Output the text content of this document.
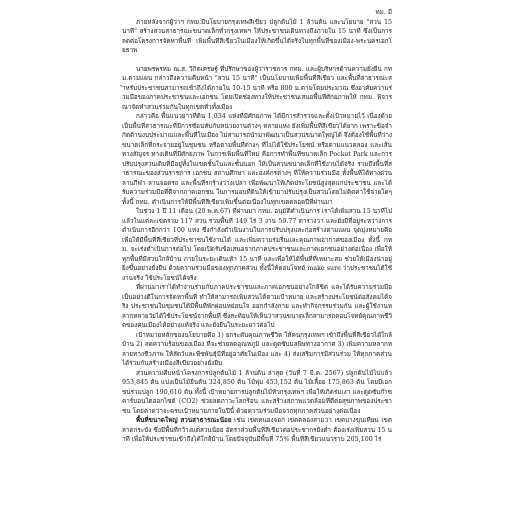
ทม. มี

ภายหลังจากผู้ว่าฯ กทม.มีนโยบายกรุงเทพสีเขียว ปลูกต้นไม้ 1 ล้านต้น และนโยบาย "สวน 15 นาที" สร้างสวนสาธารณะขนาดเล็กทั่วกรุงเทพฯ ให้ประชาชนเดินทางถึงภายใน 15 นาที ซึ่งเป็นการลดต่อโครงการจัดหาพื้นที่ เพิ่มพื้นที่สีเขียวในเมืองให้เกิดขึ้นได้จริงในทุกพื้นที่ของเมือง-พระนครเอกโยธาพ

นายพรพรหม ณ.ส. วิกิตเศรษฐ์ ที่ปรึกษาของผู้ว่าราชการ กทม. และผู้บริหารด้านความยั่งยืน กทม.ตามแผน กล่าวถึงความคืบหน้า "สวน 15 นาที" เป็นนโยบายเพิ่มพื้นที่สีเขียว และพื้นที่สาธารณะสำหรับประชาชนสามารถเข้าถึงได้ภายใน 10-15 นาที หรือ 800 ม.ตามโดยประมาณ ซึ่งอาศัยความร่วมมือของภาคประชาชนและเอกชน โดยเปิดช่องทางให้ประชาชนเสนอพื้นที่ศักยภาพให้ กทม. พิจารณาจัดทำสวนร่วมกันในทุกเขตทั่วทั้งเมือง

กล่าวคือ พื้นแนวยาวที่ดิน 1,034 แห่งที่มีศักยภาพ ได้มีการสำรวจและตั้งเป้าหมายไว้ เนื่องด้วยเป็นพื้นที่สาธารณะที่มีการซ้อนทับกับหน่วยงานต่างๆ หลายแห่ง ยังเพิ่มพื้นที่สีเขียวได้ยาก เพราะข้อจำกัดด้านงบประมาณและพื้นที่ในเมือง ไม่สามารถนำมาพัฒนาเป็นสวนขนาดใหญ่ได้ จึงต้องใช้พื้นที่ว่างขนาดเล็กที่กระจายอยู่ในชุมชน หรือตามพื้นที่ต่างๆ ที่ไม่ได้ใช้ประโยชน์ หรือตามแนวคลอง และเส้นทางสัญจร ทางเดินที่มีศักยภาพ ในการเพิ่มพื้นที่ใหม่ คือการทำพื้นที่ขนาดเล็ก Pocket Park และการปรับปรุงสวนเดิมที่มีอยู่ทั้งในเขตชั้นในและชั้นนอก ให้เป็นสวนขนาดเล็กที่ใช้งานได้จริง รวมถึงพื้นที่สาธารณะของส่วนราชการ เอกชน สถานศึกษา และองค์กรต่างๆ ที่ให้ความร่วมมือ ทั้งพื้นที่ใต้ทางด่วน ลานกีฬา ลานจอดรถ และพื้นที่รกร้างว่างเปล่า เพื่อพัฒนาให้เกิดประโยชน์สูงสุดแก่ประชาชน และได้รับความร่วมมือที่ดีจากภาคเอกชน ในการมอบที่ดินให้เข้ามาปรับปรุงเป็นสวนโดยไม่คิดค่าใช้จ่ายใดๆ ทั้งนี้ กทม. ดำเนินการให้มีพื้นที่สีเขียวเพิ่มขึ้นต่อเนื่องในทุกเขตตลอดปีที่ผ่านมา

ในช่วง 1 ปี 11 เดือน (20 พ.ค.67) ที่ผ่านมา กทม. อนุมัติดำเนินการ เราได้เพิ่มสวน 15 นาทีไปแล้วในแต่ละเขตรวม 117 สวน รวมพื้นที่ 149 ไร่ 3 งาน 59.77 ตารางวา และยังมีที่อยู่ระหว่างการดำเนินการอีกกว่า 100 แห่ง ซึ่งกำลังดำเนินงานในการปรับปรุงและก่อสร้างตามแผน จุดมุ่งหมายคือ เพื่อให้มีพื้นที่สีเขียวที่ประชาชนใช้งานได้ และเพิ่มความร่มรื่นและคุณภาพอากาศของเมือง ทั้งนี้ กทม. จะเร่งดำเนินการต่อไป โดยเปิดรับข้อเสนอจากภาคประชาชนและภาคเอกชนอย่างต่อเนื่อง เพื่อให้ทุกพื้นที่มีสวนใกล้บ้าน ภายในระยะเดินเท้า 15 นาที และเพื่อให้ได้พื้นที่ที่เหมาะสม ช่วยให้เมืองน่าอยู่ยิ่งขึ้นอย่างยั่งยืน ด้วยความร่วมมือของทุกภาคส่วน ทั้งนี้ให้ตอบโจทย์ make sure ว่าประชาชนได้ใช้งานจริง ใช้ประโยชน์ได้จริง

ที่ผ่านมาเราได้ทำงานร่วมกับภาคประชาชนและภาคเอกชนอย่างใกล้ชิด และได้รับความร่วมมือเป็นอย่างดีในการจัดหาพื้นที่ ทำให้สามารถเพิ่มสวนได้ตามเป้าหมาย และสร้างประโยชน์ต่อสังคมได้จริง ประชาชนในชุมชนได้มีพื้นที่พักผ่อนหย่อนใจ ออกกำลังกาย และทำกิจกรรมร่วมกัน และผู้ใช้งานหลากหลายวัยได้ใช้ประโยชน์จากพื้นที่ ซึ่งสะท้อนให้เห็นว่าสวนขนาดเล็กสามารถตอบโจทย์คุณภาพชีวิตของคนเมืองได้อย่างแท้จริง และยั่งยืนในระยะยาวต่อไป

เป้าหมายหลักของนโยบายคือ 1) ยกระดับคุณภาพชีวิต ให้คนกรุงเทพฯ เข้าถึงพื้นที่สีเขียวได้ใกล้บ้าน 2) ลดความร้อนของเมือง ที่จะช่วยลดอุณหภูมิ และดูดซับมลพิษทางอากาศ 3) เพิ่มความหลากหลายทางชีวภาพ ให้สัตว์และพืชพันธุ์มีที่อยู่อาศัยในเมือง และ 4) ส่งเสริมการมีส่วนร่วม ให้ทุกภาคส่วนได้ร่วมกันสร้างเมืองสีเขียวอย่างยั่งยืน

ส่วนความคืบหน้าโครงการปลูกต้นไม้ 1 ล้านต้น ล่าสุด (วันที่ 7 มี.ค. 2567) ปลูกต้นไม้ไปแล้ว 953,845 ต้น แบ่งเป็นไม้ยืนต้น 324,850 ต้น ไม้พุ่ม 453,152 ต้น ไม้เลื้อย 175,863 ต้น โดยมีเอกชนร่วมปลูก 190,610 ต้น ทั้งนี้ เป้าหมายการปลูกต้นไม้ทั่วกรุงเทพฯ เพื่อให้เกิดร่มเงา และดูดซับก๊าซคาร์บอนไดออกไซด์ (CO2) ช่วยลดภาวะโลกร้อน และสร้างสภาพแวดล้อมที่ดีต่อสุขภาพของประชาชน โดยคาดว่าจะครบเป้าหมายภายในปีนี้ ด้วยความร่วมมือจากทุกภาคส่วนอย่างต่อเนื่อง

พื้นที่ขนาดใหญ่ สวนสาธารณะน้อย เช่น เขตหนองจอก เขตคลองสามวา เขตบางขุนเทียน เขตลาดกระบัง ซึ่งมีพื้นที่กว้างแต่สวนน้อย อัตราส่วนพื้นที่สีเขียวต่อประชากรยังต่ำ ต้องเร่งเพิ่มสวน 15 นาที เพื่อให้ประชาชนเข้าถึงได้ใกล้บ้าน โดยปัจจุบันมีพื้นที่ 75% พื้นที่สีเขียวแนวราบ 205,100 ไร่
